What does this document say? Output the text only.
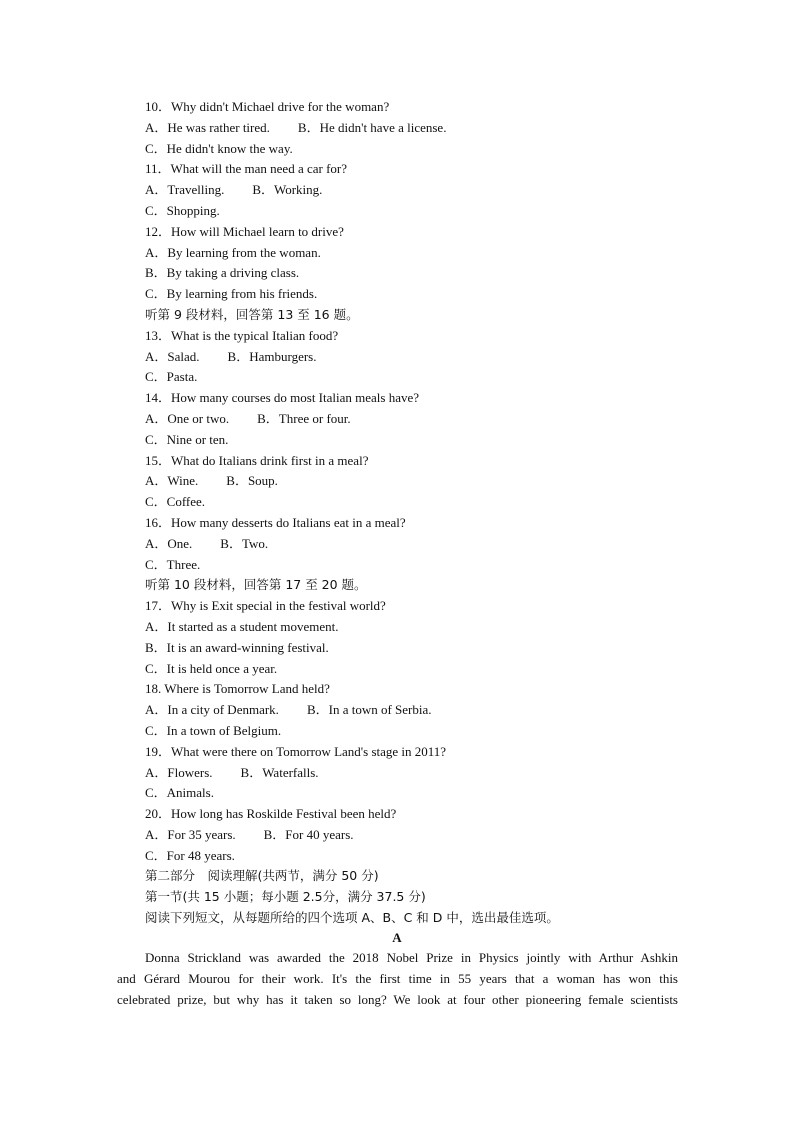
10．Why didn't Michael drive for the woman?
A．He was rather tired. B．He didn't have a license.
C．He didn't know the way.
11．What will the man need a car for?
A．Travelling. B．Working.
C．Shopping.
12．How will Michael learn to drive?
A．By learning from the woman.
B．By taking a driving class.
C．By learning from his friends.
听第 9 段材料，回答第 13 至 16 题。
13．What is the typical Italian food?
A．Salad. B．Hamburgers.
C．Pasta.
14．How many courses do most Italian meals have?
A．One or two. B．Three or four.
C．Nine or ten.
15．What do Italians drink first in a meal?
A．Wine. B．Soup.
C．Coffee.
16．How many desserts do Italians eat in a meal?
A．One. B．Two.
C．Three.
听第 10 段材料，回答第 17 至 20 题。
17．Why is Exit special in the festival world?
A．It started as a student movement.
B．It is an award-winning festival.
C．It is held once a year.
18. Where is Tomorrow Land held?
A．In a city of Denmark. B．In a town of Serbia.
C．In a town of Belgium.
19．What were there on Tomorrow Land's stage in 2011?
A．Flowers. B．Waterfalls.
C．Animals.
20．How long has Roskilde Festival been held?
A．For 35 years. B．For 40 years.
C．For 48 years.
第二部分　阅读理解(共两节，满分 50 分)
第一节(共 15 小题；每小题 2.5分，满分 37.5 分)
阅读下列短文，从每题所给的四个选项 A、B、C 和 D 中，选出最佳选项。
A
Donna Strickland was awarded the 2018 Nobel Prize in Physics jointly with Arthur Ashkin
and Gérard Mourou for their work. It's the first time in 55 years that a woman has won this
celebrated prize, but why has it taken so long? We look at four other pioneering female scientists
